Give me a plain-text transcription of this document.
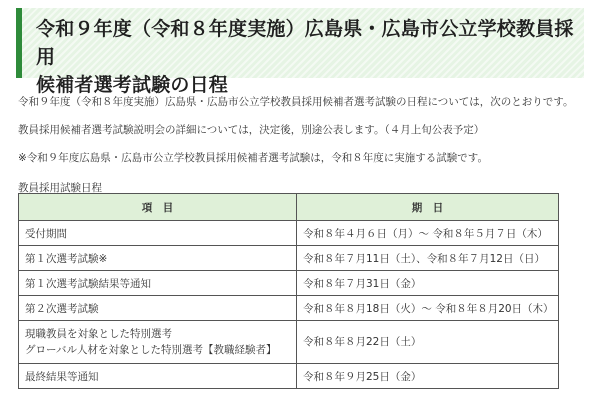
令和９年度（令和８年度実施）広島県・広島市公立学校教員採用
候補者選考試験の日程
令和９年度（令和８年度実施）広島県・広島市公立学校教員採用候補者選考試験の日程については，次のとおりです。
教員採用候補者選考試験説明会の詳細については，決定後，別途公表します。（４月上旬公表予定）
※令和９年度広島県・広島市公立学校教員採用候補者選考試験は，令和８年度に実施する試験です。
教員採用試験日程
項　目	期　日
受付期間	令和８年４月６日（月）～ 令和８年５月７日（木）
第１次選考試験※	令和８年７月11日（土）、令和８年７月12日（日）
第１次選考試験結果等通知	令和８年７月31日（金）
第２次選考試験	令和８年８月18日（火）～ 令和８年８月20日（木）

現職教員を対象とした特別選考
グローバル人材を対象とした特別選考【教職経験者】	令和８年８月22日（土）
最終結果等通知	令和８年９月25日（金）
